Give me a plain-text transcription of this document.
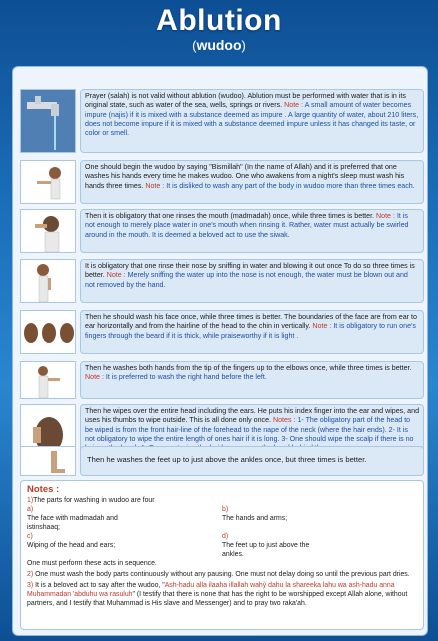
Ablution
(wudoo)
Prayer (salah) is not valid without ablution (wudoo). Ablution must be performed with water that is in its original state, such as water of the sea, wells, springs or rivers. Note : A small amount of water becomes impure (najis) if it is mixed with a substance deemed as impure . A large quantity of water, about 210 liters, does not become impure if it is mixed with a substance deemed impure unless it has changed its taste, or color or smell.
One should begin the wudoo by saying "Bismillah" (In the name of Allah) and it is preferred that one washes his hands every time he makes wudoo. One who awakens from a night's sleep must wash his hands three times. Note : It is disliked to wash any part of the body in wudoo more than three times each.
Then it is obligatory that one rinses the mouth (madmadah) once, while three times is better. Note : It is not enough to merely place water in one's mouth when rinsing it. Rather, water must actually be swirled around in the mouth. It is deemed a beloved act to use the siwak.
It is obligatory that one rinse their nose by sniffing in water and blowing it out once To do so three times is better. Note : Merely sniffing the water up into the nose is not enough, the water must be blown out and not removed by the hand.
Then he should wash his face once, while three times is better. The boundaries of the face are from ear to ear horizontally and from the hairline of the head to the chin in vertically. Note : It is obligatory to run one's fingers through the beard if it is thick, while praiseworthy if it is light .
Then he washes both hands from the tip of the fingers up to the elbows once, while three times is better. Note : It is preferred to wash the right hand before the left.
Then he wipes over the entire head including the ears. He puts his index finger into the ear and wipes, and uses his thumbs to wipe outside. This is all done only once. Notes : 1- The obligatory part of the head to be wiped is from the front hair-line of the forehead to the nape of the neck (where the hair ends). 2- It is not obligatory to wipe the entire length of ones hair if it is long. 3- One should wipe the scalp if there is no
Then he washes the feet up to just above the ankles once, but three times is better.
Notes :
1)The parts for washing in wudoo are four
a) The face with madmadah and istinshaaq;
b) The hands and arms;
c) Wiping of the head and ears;
d) The feet up to just above the ankles.
One must perform these acts in sequence.
2) One must wash the body parts continuously without any pausing. One must not delay doing so until the previous part dries.
3) It is a beloved act to say after the wudoo, "Ash-hadu alla ilaaha illallah wahỳ dahu la shareeka lahu wa ash-hadu anna Muhammadan 'abduhu wa rasuluh" (I testify that there is none that has the right to be worshipped except Allah alone, without partners, and I testify that Muhammad is His slave and Messenger) and to pray two raka'ah.
